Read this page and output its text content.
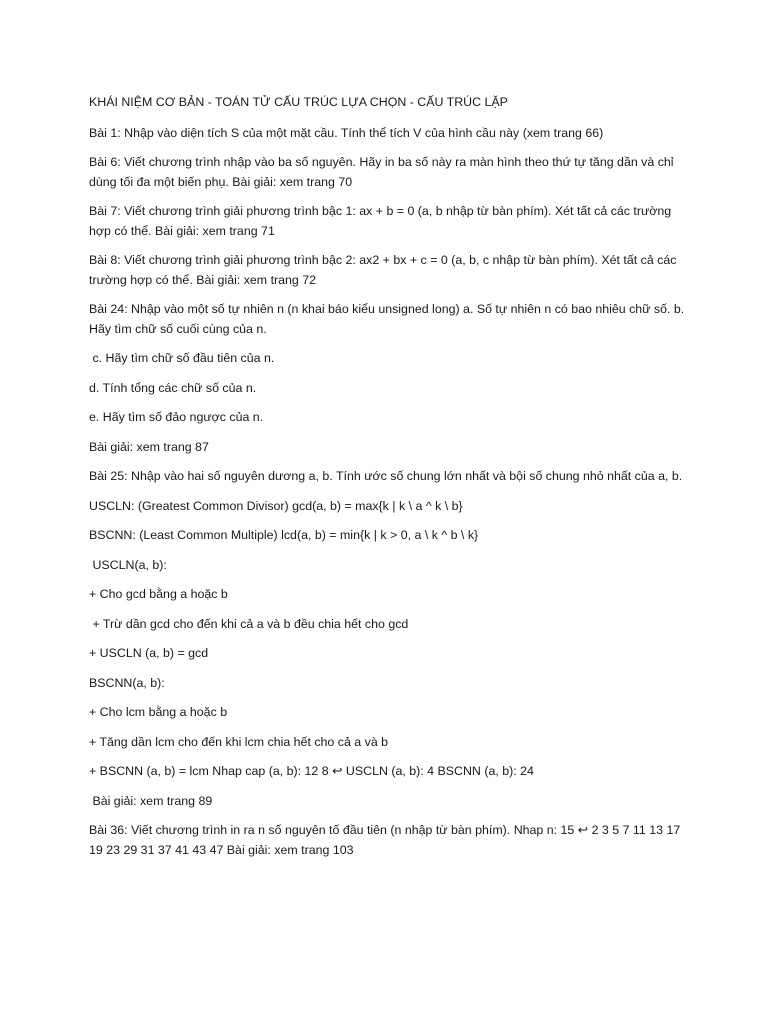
KHÁI NIỆM CƠ BẢN - TOÁN TỬ CẤU TRÚC LỰA CHỌN - CẤU TRÚC LẶP
Bài 1: Nhập vào diện tích S của một mặt cầu. Tính thể tích V của hình cầu này (xem trang 66)
Bài 6: Viết chương trình nhập vào ba số nguyên. Hãy in ba số này ra màn hình theo thứ tự tăng dần và chỉ dùng tối đa một biến phụ. Bài giải: xem trang 70
Bài 7: Viết chương trình giải phương trình bậc 1: ax + b = 0 (a, b nhập từ bàn phím). Xét tất cả các trường hợp có thể. Bài giải: xem trang 71
Bài 8: Viết chương trình giải phương trình bậc 2: ax2 + bx + c = 0 (a, b, c nhập từ bàn phím). Xét tất cả các trường hợp có thể. Bài giải: xem trang 72
Bài 24: Nhập vào một số tự nhiên n (n khai báo kiểu unsigned long) a. Số tự nhiên n có bao nhiêu chữ số. b. Hãy tìm chữ số cuối cùng của n.
c. Hãy tìm chữ số đầu tiên của n.
d. Tính tổng các chữ số của n.
e. Hãy tìm số đảo ngược của n.
Bài giải: xem trang 87
Bài 25: Nhập vào hai số nguyên dương a, b. Tính ước số chung lớn nhất và bội số chung nhỏ nhất của a, b.
USCLN: (Greatest Common Divisor) gcd(a, b) = max{k | k \ a ^ k \ b}
BSCNN: (Least Common Multiple) lcd(a, b) = min{k | k > 0, a \ k ^ b \ k}
USCLN(a, b):
+ Cho gcd bằng a hoặc b
+ Trừ dần gcd cho đến khi cả a và b đều chia hết cho gcd
+ USCLN (a, b) = gcd
BSCNN(a, b):
+ Cho lcm bằng a hoặc b
+ Tăng dần lcm cho đến khi lcm chia hết cho cả a và b
+ BSCNN (a, b) = lcm Nhap cap (a, b): 12 8 ↩ USCLN (a, b): 4 BSCNN (a, b): 24
Bài giải: xem trang 89
Bài 36: Viết chương trình in ra n số nguyên tố đầu tiên (n nhập từ bàn phím). Nhap n: 15 ↩ 2 3 5 7 11 13 17 19 23 29 31 37 41 43 47 Bài giải: xem trang 103
